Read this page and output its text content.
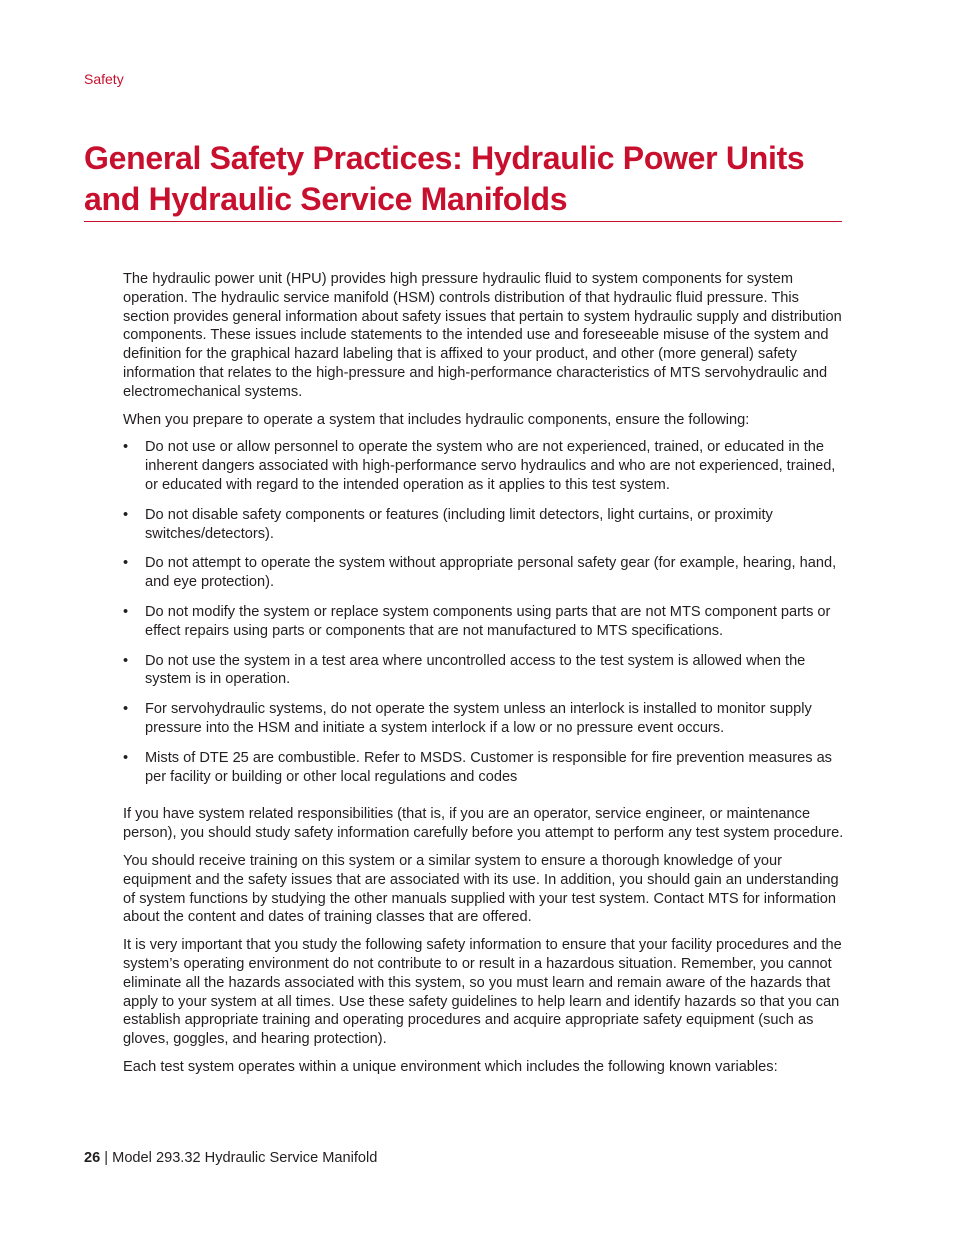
Safety
General Safety Practices: Hydraulic Power Units and Hydraulic Service Manifolds

The hydraulic power unit (HPU) provides high pressure hydraulic fluid to system components for system operation. The hydraulic service manifold (HSM) controls distribution of that hydraulic fluid pressure. This section provides general information about safety issues that pertain to system hydraulic supply and distribution components. These issues include statements to the intended use and foreseeable misuse of the system and definition for the graphical hazard labeling that is affixed to your product, and other (more general) safety information that relates to the high-pressure and high-performance characteristics of MTS servohydraulic and electromechanical systems.

When you prepare to operate a system that includes hydraulic components, ensure the following:

• Do not use or allow personnel to operate the system who are not experienced, trained, or educated in the inherent dangers associated with high-performance servo hydraulics and who are not experienced, trained, or educated with regard to the intended operation as it applies to this test system.
• Do not disable safety components or features (including limit detectors, light curtains, or proximity switches/detectors).
• Do not attempt to operate the system without appropriate personal safety gear (for example, hearing, hand, and eye protection).
• Do not modify the system or replace system components using parts that are not MTS component parts or effect repairs using parts or components that are not manufactured to MTS specifications.
• Do not use the system in a test area where uncontrolled access to the test system is allowed when the system is in operation.
• For servohydraulic systems, do not operate the system unless an interlock is installed to monitor supply pressure into the HSM and initiate a system interlock if a low or no pressure event occurs.
• Mists of DTE 25 are combustible. Refer to MSDS. Customer is responsible for fire prevention measures as per facility or building or other local regulations and codes

If you have system related responsibilities (that is, if you are an operator, service engineer, or maintenance person), you should study safety information carefully before you attempt to perform any test system procedure.

You should receive training on this system or a similar system to ensure a thorough knowledge of your equipment and the safety issues that are associated with its use. In addition, you should gain an understanding of system functions by studying the other manuals supplied with your test system. Contact MTS for information about the content and dates of training classes that are offered.

It is very important that you study the following safety information to ensure that your facility procedures and the system’s operating environment do not contribute to or result in a hazardous situation. Remember, you cannot eliminate all the hazards associated with this system, so you must learn and remain aware of the hazards that apply to your system at all times. Use these safety guidelines to help learn and identify hazards so that you can establish appropriate training and operating procedures and acquire appropriate safety equipment (such as gloves, goggles, and hearing protection).

Each test system operates within a unique environment which includes the following known variables:

26 | Model 293.32 Hydraulic Service Manifold
